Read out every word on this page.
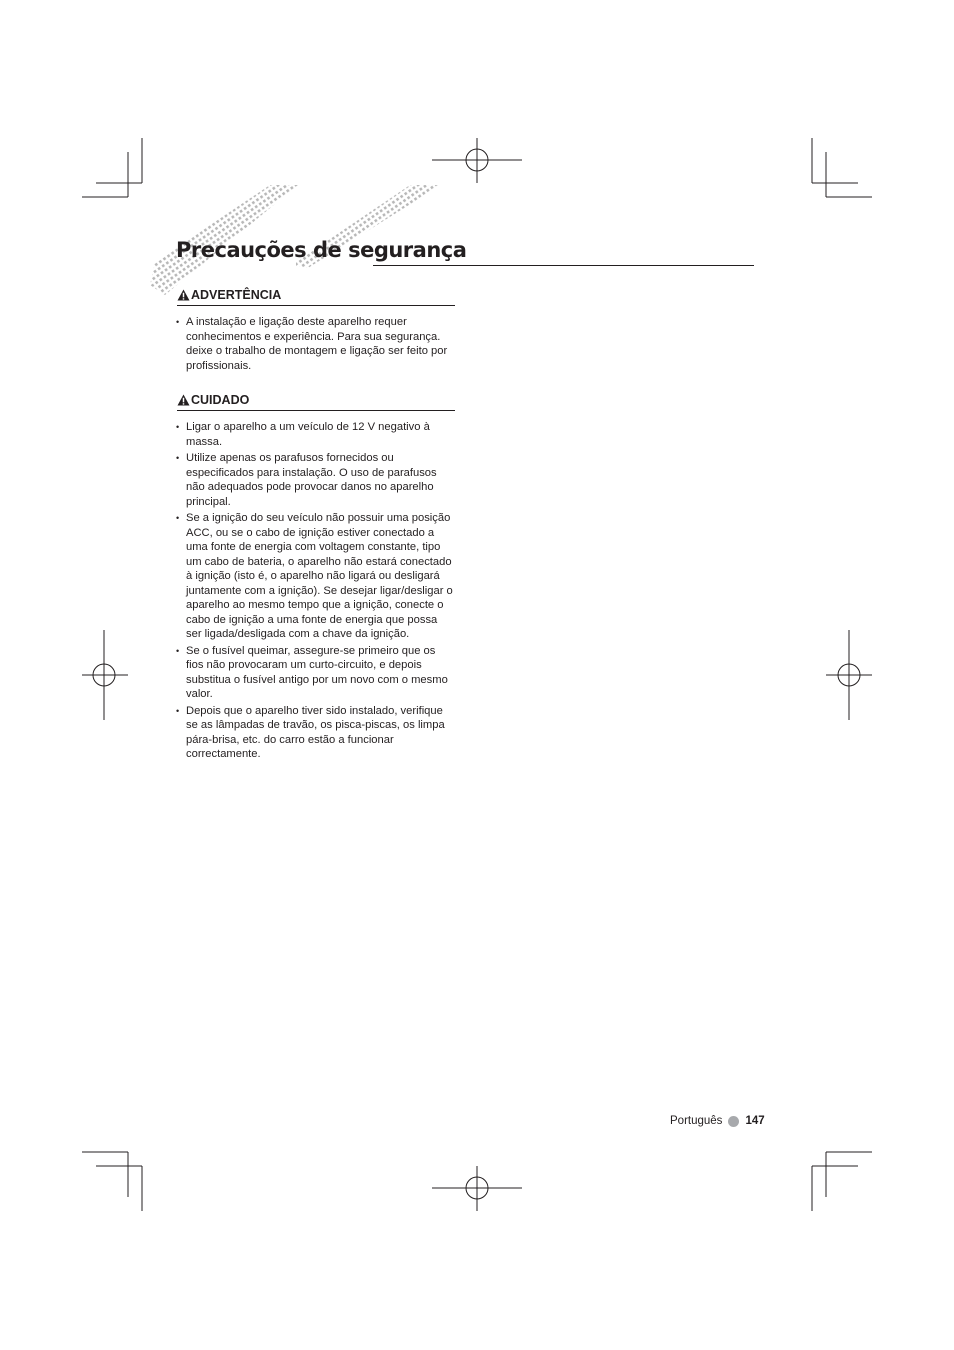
Precauções de segurança
ADVERTÊNCIA
• A instalação e ligação deste aparelho requer conhecimentos e experiência. Para sua segurança. deixe o trabalho de montagem e ligação ser feito por profissionais.
CUIDADO
• Ligar o aparelho a um veículo de 12 V negativo à massa.
• Utilize apenas os parafusos fornecidos ou especificados para instalação. O uso de parafusos não adequados pode provocar danos no aparelho principal.
• Se a ignição do seu veículo não possuir uma posição ACC, ou se o cabo de ignição estiver conectado a uma fonte de energia com voltagem constante, tipo um cabo de bateria, o aparelho não estará conectado à ignição (isto é, o aparelho não ligará ou desligará juntamente com a ignição). Se desejar ligar/desligar o aparelho ao mesmo tempo que a ignição, conecte o cabo de ignição a uma fonte de energia que possa ser ligada/desligada com a chave da ignição.
• Se o fusível queimar, assegure-se primeiro que os fios não provocaram um curto-circuito, e depois substitua o fusível antigo por um novo com o mesmo valor.
• Depois que o aparelho tiver sido instalado, verifique se as lâmpadas de travão, os pisca-piscas, os limpa pára-brisa, etc. do carro estão a funcionar correctamente.
Português 147
